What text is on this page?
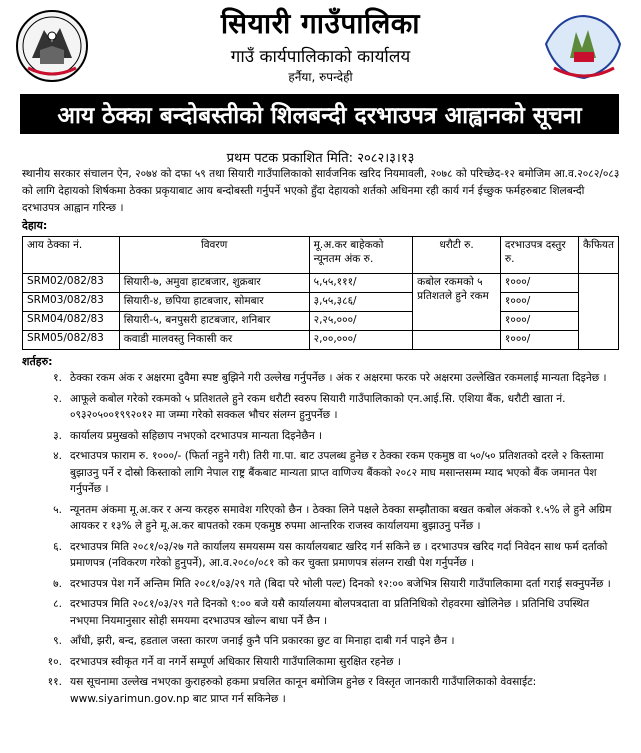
सियारी गाउँपालिका
गाउँ कार्यपालिकाको कार्यालय
हर्नैया, रुपन्देही
आय ठेक्का बन्दोबस्तीको शिलबन्दी दरभाउपत्र आह्वानको सूचना
प्रथम पटक प्रकाशित मिति: २०८२।३।१३
स्थानीय सरकार संचालन ऐन, २०७४ को दफा ५९ तथा सियारी गाउँपालिकाको सार्वजनिक खरिद नियमावली, २०७८ को परिच्छेद-१२ बमोजिम आ.व.२०८२/०८३ को लागि देहायको शिर्षकमा ठेक्का प्रकृयाबाट आय बन्दोबस्ती गर्नुपर्ने भएको हुँदा देहायको शर्तको अधिनमा रही कार्य गर्न ईच्छुक फर्महरुबाट शिलबन्दी दरभाउपत्र आह्वान गरिन्छ ।
देहाय:
आय ठेक्का नं.	विवरण	मू.अ.कर बाहेकको न्यूनतम अंक रु.	धरौटी रु.	दरभाउपत्र दस्तुर रु.	कैफियत
SRM02/082/83	सियारी-७, अमुवा हाटबजार, शुक्रबार	५,५५,१११/	कबोल रकमको ५ प्रतिशतले हुने रकम	१०००/	
SRM03/082/83	सियारी-४, छपिया हाटबजार, सोमबार	३,५५,३८६/		१०००/	
SRM04/082/83	सियारी-५, बनपुसरी हाटबजार, शनिबार	२,२५,०००/		१०००/	
SRM05/082/83	कवाडी मालवस्तु निकासी कर	२,००,०००/		१०००/	
शर्तहरु:
१. ठेक्का रकम अंक र अक्षरमा दुवैमा स्पष्ट बुझिने गरी उल्लेख गर्नुपर्नेछ । अंक र अक्षरमा फरक परे अक्षरमा उल्लेखित रकमलाई मान्यता दिइनेछ ।
२. आफूले कबोल गरेको रकमको ५ प्रतिशतले हुने रकम धरौटी स्वरुप सियारी गाउँपालिकाको एन.आई.सि. एशिया बैंक, धरौटी खाता नं. ०९३२०५००१९९२०१२ मा जम्मा गरेको सक्कल भौचर संलग्न हुनुपर्नेछ ।
३. कार्यालय प्रमुखको सहिछाप नभएको दरभाउपत्र मान्यता दिइनेछैन ।
४. दरभाउपत्र फाराम रु. १०००/- (फिर्ता नहुने गरी) तिरी गा.पा. बाट उपलब्ध हुनेछ र ठेक्का रकम एकमुष्ठ वा ५०/५० प्रतिशतको दरले २ किस्तामा बुझाउनु पर्ने र दोस्रो किस्ताको लागि नेपाल राष्ट्र बैंकबाट मान्यता प्राप्त वाणिज्य बैंकको २०८२ माघ मसान्तसम्म म्याद भएको बैंक जमानत पेश गर्नुपर्नेछ ।
५. न्यूनतम अंकमा मू.अ.कर र अन्य करहरु समावेश गरिएको छैन । ठेक्का लिने पक्षले ठेक्का सम्झौताका बखत कबोल अंकको १.५% ले हुने अग्रिम आयकर र १३% ले हुने मू.अ.कर बापतको रकम एकमुष्ठ रुपमा आन्तरिक राजस्व कार्यालयमा बुझाउनु पर्नेछ ।
६. दरभाउपत्र मिति २०८१/०३/२७ गते कार्यालय समयसम्म यस कार्यालयबाट खरिद गर्न सकिने छ । दरभाउपत्र खरिद गर्दा निवेदन साथ फर्म दर्ताको प्रमाणपत्र (नविकरण गरेको हुनुपर्ने), आ.व.२०८०/०८१ को कर चुक्ता प्रमाणपत्र संलग्न राखी पेश गर्नुपर्नेछ ।
७. दरभाउपत्र पेश गर्ने अन्तिम मिति २०८१/०३/२९ गते (बिदा परे भोली पल्ट) दिनको १२:०० बजेभित्र सियारी गाउँपालिकामा दर्ता गराई सक्नुपर्नेछ ।
८. दरभाउपत्र मिति २०८१/०३/२९ गते दिनको ९:०० बजे यसै कार्यालयमा बोलपत्रदाता वा प्रतिनिधिको रोहवरमा खोलिनेछ । प्रतिनिधि उपस्थित नभएमा नियमानुसार सोही समयमा दरभाउपत्र खोल्न बाधा पर्ने छैन ।
९. आँधी, झरी, बन्द, हडताल जस्ता कारण जनाई कुनै पनि प्रकारका छुट वा मिनाहा दाबी गर्न पाइने छैन ।
१०. दरभाउपत्र स्वीकृत गर्ने वा नगर्ने सम्पूर्ण अधिकार सियारी गाउँपालिकामा सुरक्षित रहनेछ ।
११. यस सूचनामा उल्लेख नभएका कुराहरुको हकमा प्रचलित कानून बमोजिम हुनेछ र विस्तृत जानकारी गाउँपालिकाको वेवसाईट: www.siyarimun.gov.np बाट प्राप्त गर्न सकिनेछ ।
